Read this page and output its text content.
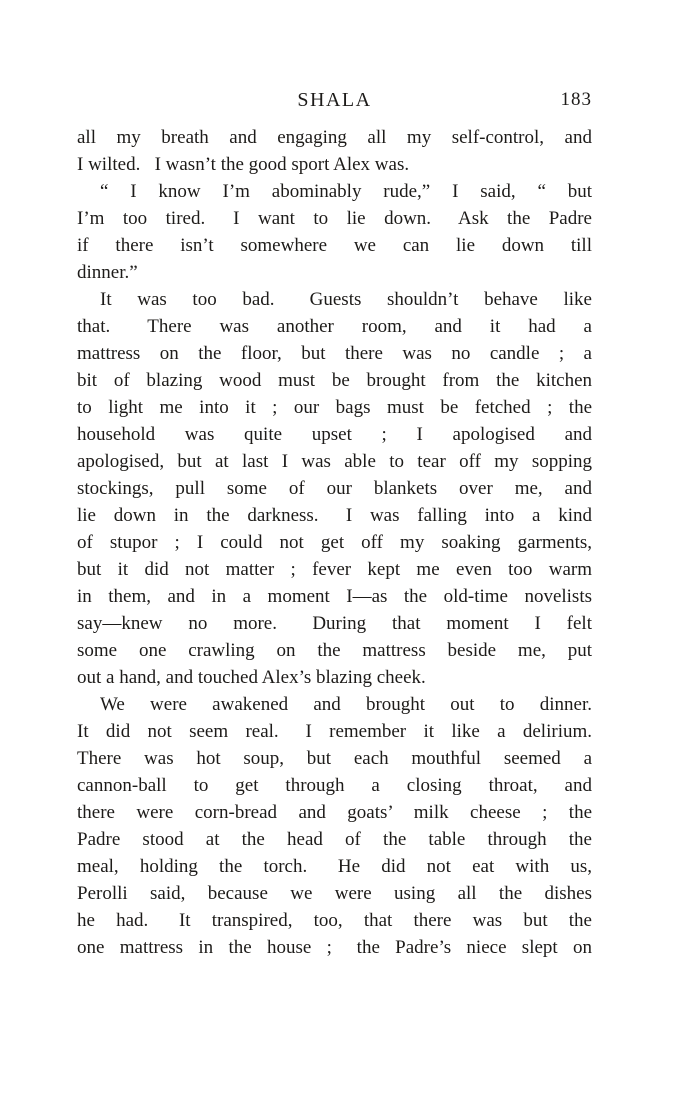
SHALA	183
all my breath and engaging all my self-control, and
I wilted.  I wasn’t the good sport Alex was.
“ I know I’m abominably rude,” I said, “ but
I’m too tired.  I want to lie down.  Ask the Padre
if there isn’t somewhere we can lie down till
dinner.”
It was too bad.  Guests shouldn’t behave like
that.  There was another room, and it had a
mattress on the floor, but there was no candle ; a
bit of blazing wood must be brought from the kitchen
to light me into it ; our bags must be fetched ; the
household was quite upset ; I apologised and
apologised, but at last I was able to tear off my sopping
stockings, pull some of our blankets over me, and
lie down in the darkness.  I was falling into a kind
of stupor ; I could not get off my soaking garments,
but it did not matter ; fever kept me even too warm
in them, and in a moment I—as the old-time novelists
say—knew no more.  During that moment I felt
some one crawling on the mattress beside me, put
out a hand, and touched Alex’s blazing cheek.
We were awakened and brought out to dinner.
It did not seem real.  I remember it like a delirium.
There was hot soup, but each mouthful seemed a
cannon-ball to get through a closing throat, and
there were corn-bread and goats’ milk cheese ; the
Padre stood at the head of the table through the
meal, holding the torch.  He did not eat with us,
Perolli said, because we were using all the dishes
he had.  It transpired, too, that there was but the
one mattress in the house ;  the Padre’s niece slept on
